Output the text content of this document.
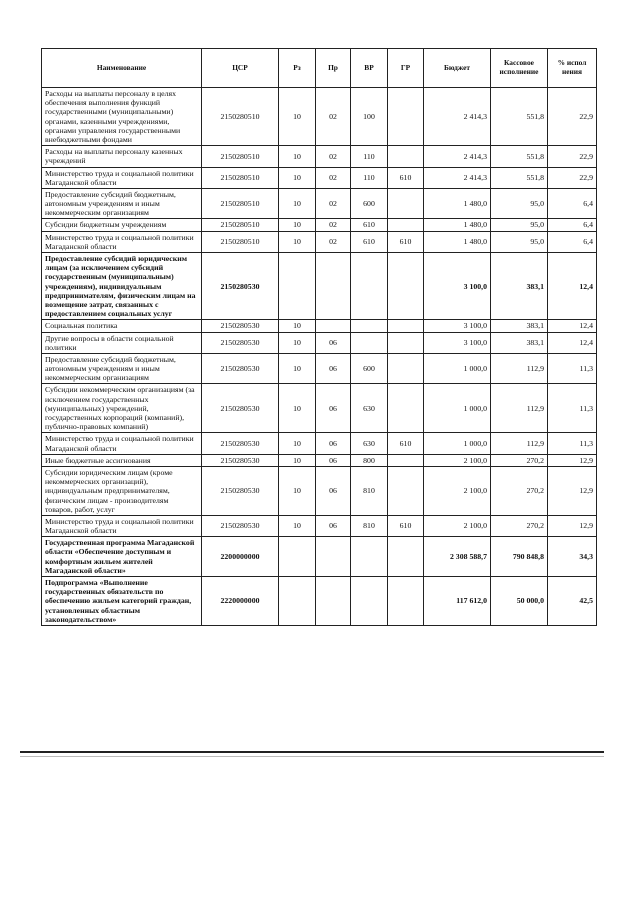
Наименование	ЦСР	Рз	Пр	ВР	ГР	Бюджет	Кассовое исполнение	% испол нения
Расходы на выплаты персоналу в целях обеспечения выполнения функций государственными (муниципальными) органами, казенными учреждениями, органами управления государственными внебюджетными фондами	2150280510	10	02	100		2 414,3	551,8	22,9
Расходы на выплаты персоналу казенных учреждений	2150280510	10	02	110		2 414,3	551,8	22,9
Министерство труда и социальной политики Магаданской области	2150280510	10	02	110	610	2 414,3	551,8	22,9
Предоставление субсидий бюджетным, автономным учреждениям и иным некоммерческим организациям	2150280510	10	02	600		1 480,0	95,0	6,4
Субсидии бюджетным учреждениям	2150280510	10	02	610		1 480,0	95,0	6,4
Министерство труда и социальной политики Магаданской области	2150280510	10	02	610	610	1 480,0	95,0	6,4
Предоставление субсидий юридическим лицам (за исключением субсидий государственным (муниципальным) учреждениям), индивидуальным предпринимателям, физическим лицам на возмещение затрат, связанных с предоставлением социальных услуг	2150280530					3 100,0	383,1	12,4
Социальная политика	2150280530	10				3 100,0	383,1	12,4
Другие вопросы в области социальной политики	2150280530	10	06			3 100,0	383,1	12,4
Предоставление субсидий бюджетным, автономным учреждениям и иным некоммерческим организациям	2150280530	10	06	600		1 000,0	112,9	11,3
Субсидии некоммерческим организациям (за исключением государственных (муниципальных) учреждений, государственных корпораций (компаний), публично-правовых компаний)	2150280530	10	06	630		1 000,0	112,9	11,3
Министерство труда и социальной политики Магаданской области	2150280530	10	06	630	610	1 000,0	112,9	11,3
Иные бюджетные ассигнования	2150280530	10	06	800		2 100,0	270,2	12,9
Субсидии юридическим лицам (кроме некоммерческих организаций), индивидуальным предпринимателям, физическим лицам - производителям товаров, работ, услуг	2150280530	10	06	810		2 100,0	270,2	12,9
Министерство труда и социальной политики Магаданской области	2150280530	10	06	810	610	2 100,0	270,2	12,9
Государственная программа Магаданской области «Обеспечение доступным и комфортным жильем жителей Магаданской области»	2200000000					2 308 588,7	790 848,8	34,3
Подпрограмма «Выполнение государственных обязательств по обеспечению жильем категорий граждан, установленных областным законодательством»	2220000000					117 612,0	50 000,0	42,5
